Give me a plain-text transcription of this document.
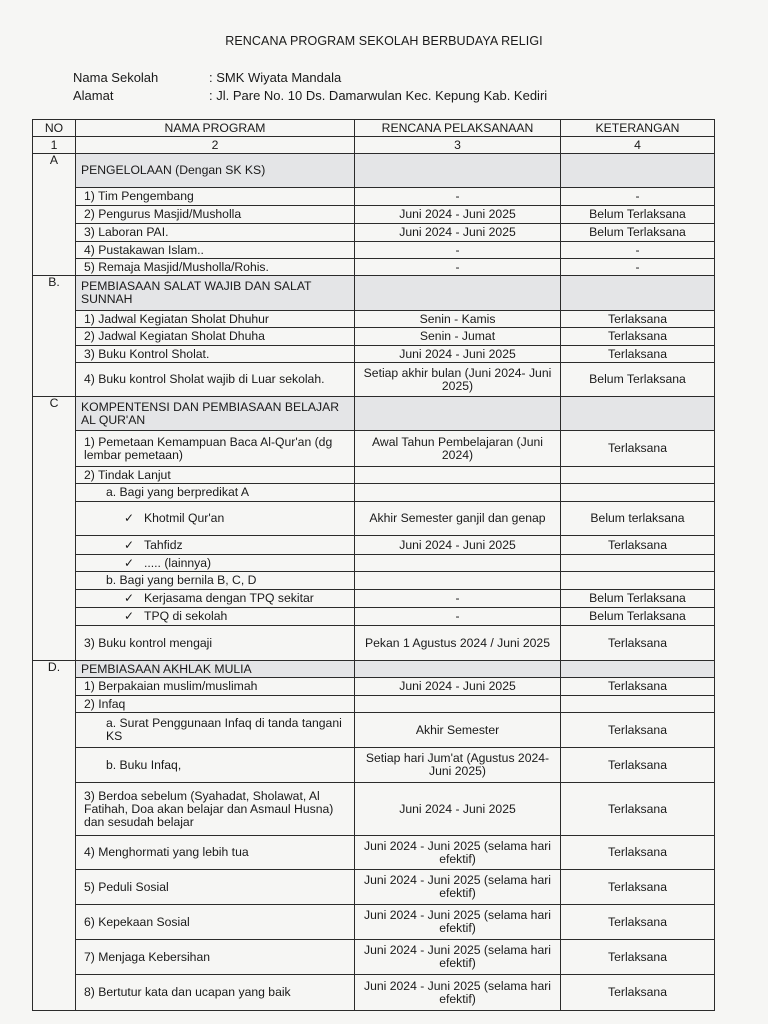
RENCANA PROGRAM SEKOLAH BERBUDAYA RELIGI
Nama Sekolah	: SMK Wiyata Mandala
Alamat	: Jl. Pare No. 10 Ds. Damarwulan Kec. Kepung Kab. Kediri
NO	NAMA PROGRAM	RENCANA PELAKSANAAN	KETERANGAN
1	2	3	4
A	PENGELOLAAN (Dengan SK KS)		
	1) Tim Pengembang	-	-
	2) Pengurus Masjid/Musholla	Juni 2024 - Juni 2025	Belum Terlaksana
	3) Laboran PAI.	Juni 2024 - Juni 2025	Belum Terlaksana
	4) Pustakawan Islam..	-	-
	5) Remaja Masjid/Musholla/Rohis.	-	-
B.	PEMBIASAAN SALAT WAJIB DAN SALAT SUNNAH		
	1) Jadwal Kegiatan Sholat Dhuhur	Senin - Kamis	Terlaksana
	2) Jadwal Kegiatan Sholat Dhuha	Senin - Jumat	Terlaksana
	3) Buku Kontrol Sholat.	Juni 2024 - Juni 2025	Terlaksana
	4) Buku kontrol Sholat wajib di Luar sekolah.	Setiap akhir bulan (Juni 2024- Juni 2025)	Belum Terlaksana
C	KOMPENTENSI DAN PEMBIASAAN BELAJAR AL QUR'AN		
	1) Pemetaan Kemampuan Baca Al-Qur'an (dg lembar pemetaan)	Awal Tahun Pembelajaran (Juni 2024)	Terlaksana
	2) Tindak Lanjut		
	a. Bagi yang berpredikat A		
	✓ Khotmil Qur'an	Akhir Semester ganjil dan genap	Belum terlaksana
	✓ Tahfidz	Juni 2024 - Juni 2025	Terlaksana
	✓ ..... (lainnya)		
	b. Bagi yang bernila B, C, D		
	✓ Kerjasama dengan TPQ sekitar	-	Belum Terlaksana
	✓ TPQ di sekolah	-	Belum Terlaksana
	3) Buku kontrol mengaji	Pekan 1 Agustus 2024 / Juni 2025	Terlaksana
D.	PEMBIASAAN AKHLAK MULIA		
	1) Berpakaian muslim/muslimah	Juni 2024 - Juni 2025	Terlaksana
	2) Infaq		
	a. Surat Penggunaan Infaq di tanda tangani KS	Akhir Semester	Terlaksana
	b. Buku Infaq,	Setiap hari Jum'at (Agustus 2024-Juni 2025)	Terlaksana
	3) Berdoa sebelum (Syahadat, Sholawat, Al Fatihah, Doa akan belajar dan Asmaul Husna) dan sesudah belajar	Juni 2024 - Juni 2025	Terlaksana
	4) Menghormati yang lebih tua	Juni 2024 - Juni 2025 (selama hari efektif)	Terlaksana
	5) Peduli Sosial	Juni 2024 - Juni 2025 (selama hari efektif)	Terlaksana
	6) Kepekaan Sosial	Juni 2024 - Juni 2025 (selama hari efektif)	Terlaksana
	7) Menjaga Kebersihan	Juni 2024 - Juni 2025 (selama hari efektif)	Terlaksana
	8) Bertutur kata dan ucapan yang baik	Juni 2024 - Juni 2025 (selama hari efektif)	Terlaksana
